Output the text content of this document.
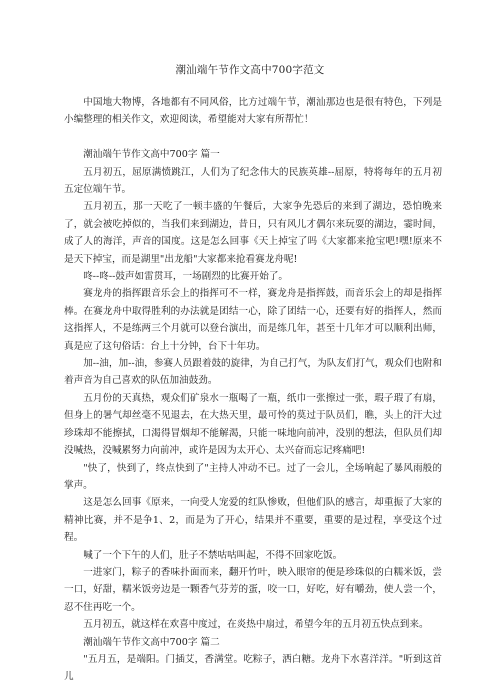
潮汕端午节作文高中700字范文

中国地大物博，各地都有不同风俗，比方过端午节，潮汕那边也是很有特色，下列是小编整理的相关作文，欢迎阅读，希望能对大家有所帮忙！

潮汕端午节作文高中700字 篇一

五月初五，屈原满愤跳江，人们为了纪念伟大的民族英雄--屈原，特将每年的五月初五定位端午节。

五月初五，那一天吃了一顿丰盛的午餐后，大家争先恐后的来到了湖边，恐怕晚来了，就会被吃掉似的，当我们来到湖边，昔日，只有风儿才偶尔来玩耍的湖边，霎时间，成了人的海洋，声音的国度。这是怎么回事《天上掉宝了吗《大家都来抢宝吧!嘿!原来不是天下掉宝，而是湖里"出龙船"大家都来抢看赛龙舟呢!

咚--咚--鼓声如雷贯耳，一场剧烈的比赛开始了。

赛龙舟的指挥跟音乐会上的指挥可不一样，赛龙舟是指挥鼓，而音乐会上的却是指挥棒。在赛龙舟中取得胜利的办法就是团结一心，除了团结一心，还要有好的指挥人，然而这指挥人，不是练两三个月就可以登台演出，而是练几年，甚至十几年才可以顺利出师，真是应了这句俗话：台上十分钟，台下十年功。

加--油，加--油，参赛人员跟着鼓的旋律，为自己打气，为队友们打气，观众们也附和着声音为自己喜欢的队伍加油鼓劲。

五月份的天真热，观众们矿泉水一瓶喝了一瓶，纸巾一张擦过一张，瑕子瑕了有扇，但身上的暑气却丝毫不见退去，在大热天里，最可怜的莫过于队员们，瞧，头上的汗大过珍珠却不能擦拭，口渴得冒烟却不能解渴，只能一味地向前冲，没别的想法，但队员们却没喊热，没喊累努力向前冲，或许是因为太开心、太兴奋而忘记疼痛吧!

"快了，快到了，终点快到了"主持人冲动不已。过了一会儿，全场响起了暴风雨般的掌声。

这是怎么回事《原来，一向受人宠爱的红队惨败，但他们队的感言，却重振了大家的精神比赛，并不是争1、2，而是为了开心，结果并不重要，重要的是过程，享受这个过程。

喊了一个下午的人们，肚子不禁咕咕叫起，不得不回家吃饭。

一进家门，粽子的香味扑面而来，翻开竹叶，映入眼帘的便是珍珠似的白糯米饭，尝一口，好甜，糯米饭旁边是一颗香气芬芳的蛋，咬一口，好吃，好有嚼劲，使人尝一个，忍不住再吃一个。

五月初五，就这样在欢喜中度过，在炎热中扇过，希望今年的五月初五快点到来。

潮汕端午节作文高中700字 篇二

"五月五，是端阳。门插艾，香满堂。吃粽子，洒白糖。龙舟下水喜洋洋。"听到这首儿
